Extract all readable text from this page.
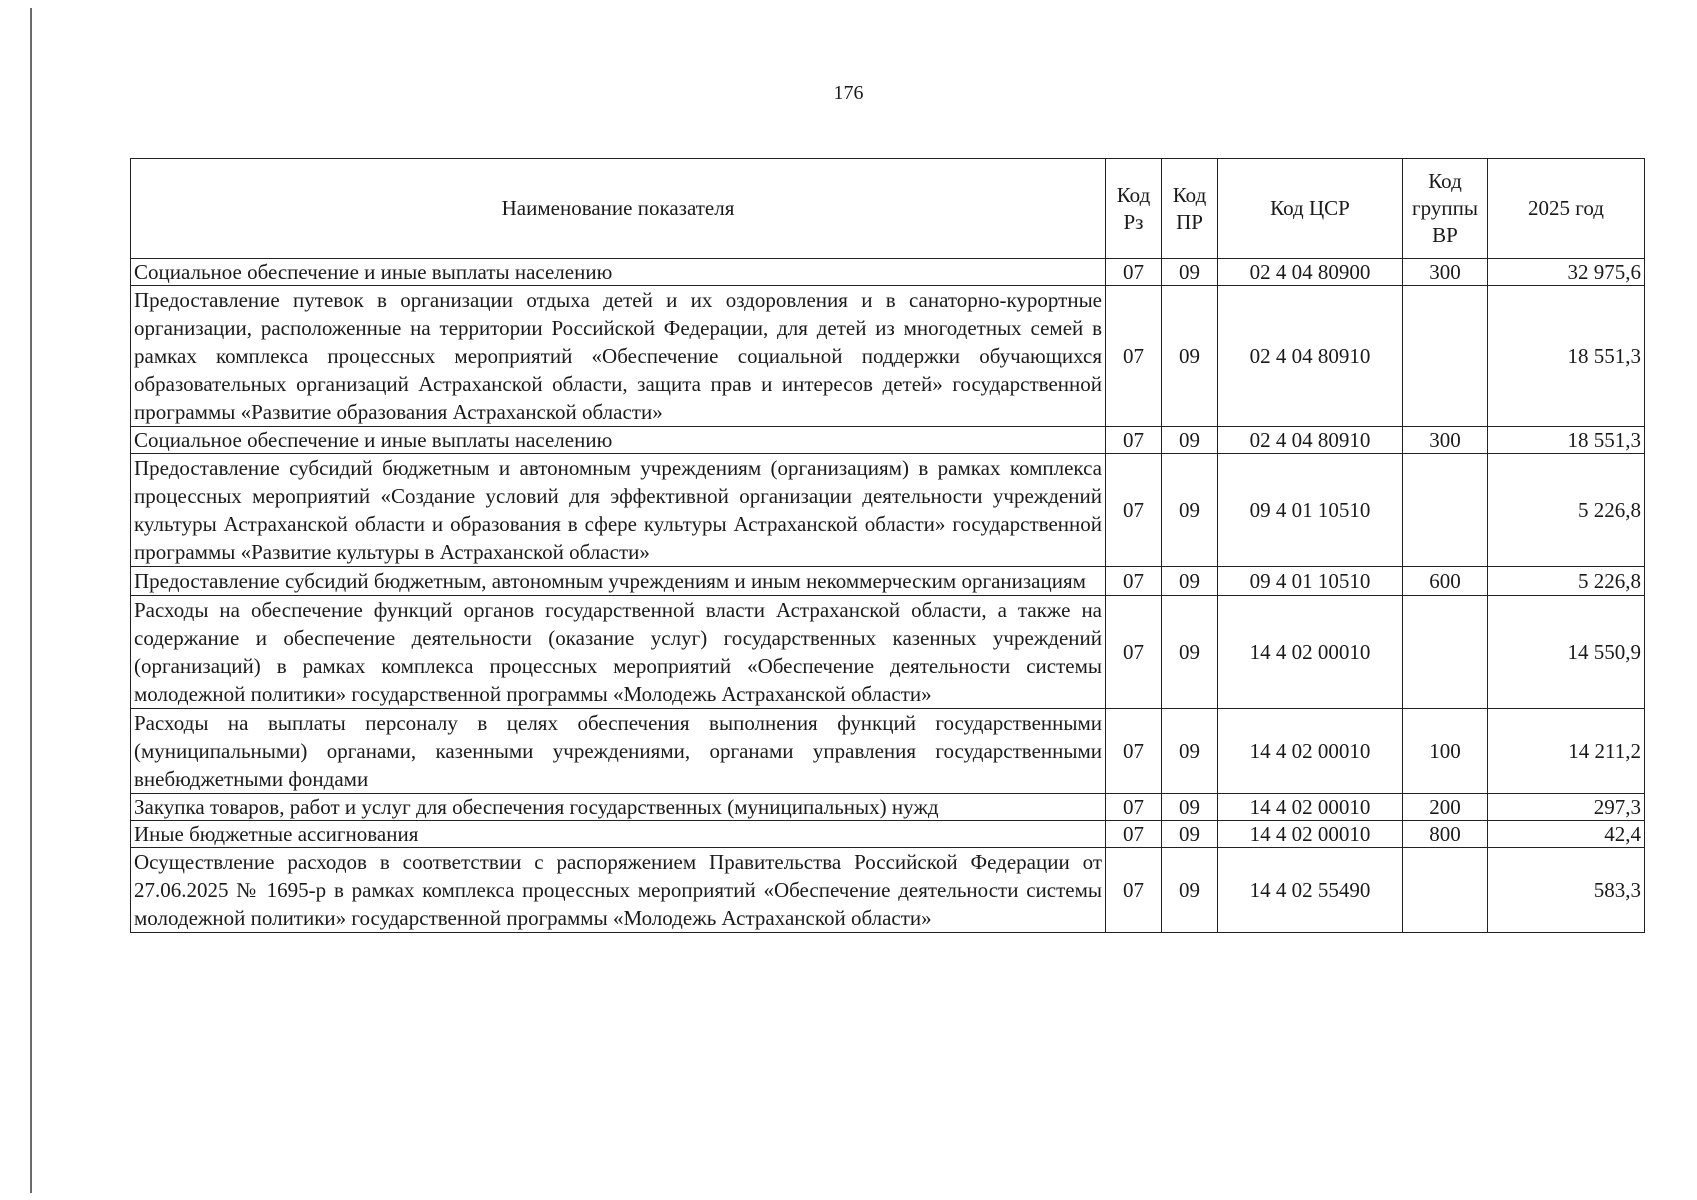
176
Наименование показателя	Код Рз	Код ПР	Код ЦСР	Код группы ВР	2025 год
Социальное обеспечение и иные выплаты населению	07	09	02 4 04 80900	300	32 975,6
Предоставление путевок в организации отдыха детей и их оздоровления и в санаторно-курортные организации, расположенные на территории Российской Федерации, для детей из многодетных семей в рамках комплекса процессных мероприятий «Обеспечение социальной поддержки обучающихся образовательных организаций Астраханской области, защита прав и интересов детей» государственной программы «Развитие образования Астраханской области»	07	09	02 4 04 80910		18 551,3
Социальное обеспечение и иные выплаты населению	07	09	02 4 04 80910	300	18 551,3
Предоставление субсидий бюджетным и автономным учреждениям (организациям) в рамках комплекса процессных мероприятий «Создание условий для эффективной организации деятельности учреждений культуры Астраханской области и образования в сфере культуры Астраханской области» государственной программы «Развитие культуры в Астраханской области»	07	09	09 4 01 10510		5 226,8
Предоставление субсидий бюджетным, автономным учреждениям и иным некоммерческим организациям	07	09	09 4 01 10510	600	5 226,8
Расходы на обеспечение функций органов государственной власти Астраханской области, а также на содержание и обеспечение деятельности (оказание услуг) государственных казенных учреждений (организаций) в рамках комплекса процессных мероприятий «Обеспечение деятельности системы молодежной политики» государственной программы «Молодежь Астраханской области»	07	09	14 4 02 00010		14 550,9
Расходы на выплаты персоналу в целях обеспечения выполнения функций государственными (муниципальными) органами, казенными учреждениями, органами управления государственными внебюджетными фондами	07	09	14 4 02 00010	100	14 211,2
Закупка товаров, работ и услуг для обеспечения государственных (муниципальных) нужд	07	09	14 4 02 00010	200	297,3
Иные бюджетные ассигнования	07	09	14 4 02 00010	800	42,4
Осуществление расходов в соответствии с распоряжением Правительства Российской Федерации от 27.06.2025 № 1695-р в рамках комплекса процессных мероприятий «Обеспечение деятельности системы молодежной политики» государственной программы «Молодежь Астраханской области»	07	09	14 4 02 55490		583,3
